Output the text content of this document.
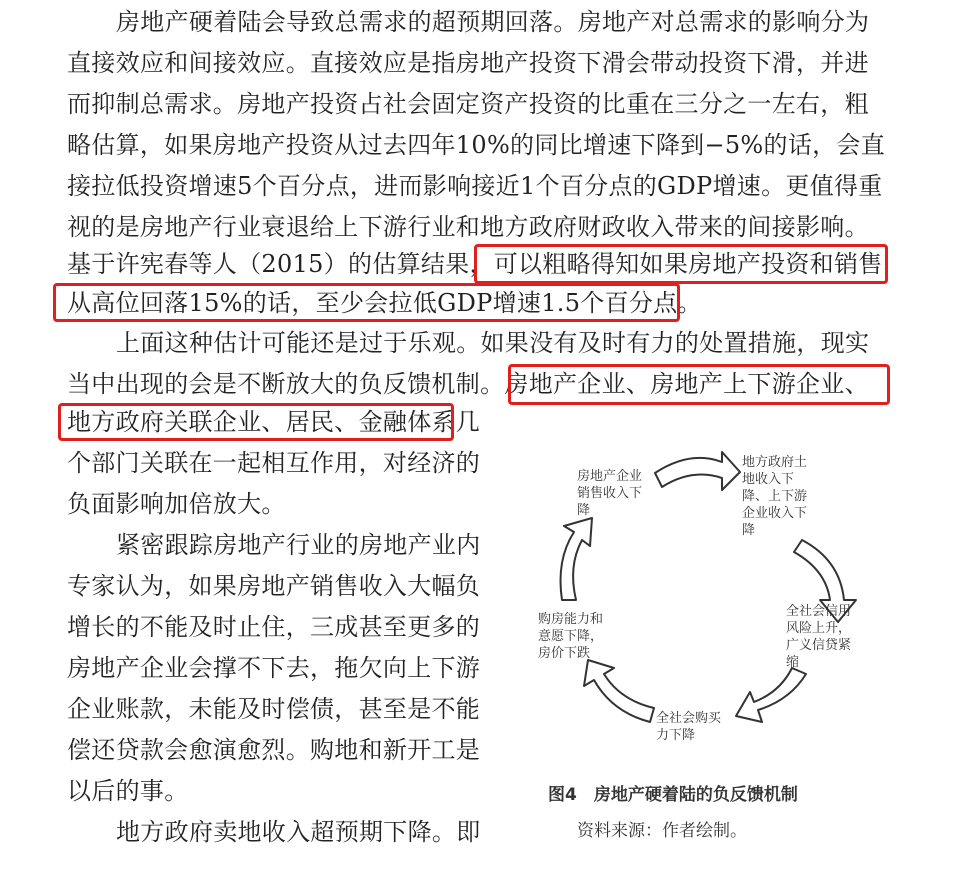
房地产硬着陆会导致总需求的超预期回落。房地产对总需求的影响分为
直接效应和间接效应。直接效应是指房地产投资下滑会带动投资下滑，并进
而抑制总需求。房地产投资占社会固定资产投资的比重在三分之一左右，粗
略估算，如果房地产投资从过去四年10%的同比增速下降到−5%的话，会直
接拉低投资增速5个百分点，进而影响接近1个百分点的GDP增速。更值得重
视的是房地产行业衰退给上下游行业和地方政府财政收入带来的间接影响。
基于许宪春等人（2015）的估算结果，可以粗略得知如果房地产投资和销售
从高位回落15%的话，至少会拉低GDP增速1.5个百分点。
上面这种估计可能还是过于乐观。如果没有及时有力的处置措施，现实
当中出现的会是不断放大的负反馈机制。房地产企业、房地产上下游企业、
地方政府关联企业、居民、金融体系几
个部门关联在一起相互作用，对经济的
负面影响加倍放大。
紧密跟踪房地产行业的房地产业内
专家认为，如果房地产销售收入大幅负
增长的不能及时止住，三成甚至更多的
房地产企业会撑不下去，拖欠向上下游
企业账款，未能及时偿债，甚至是不能
偿还贷款会愈演愈烈。购地和新开工是
以后的事。
地方政府卖地收入超预期下降。即
房地产企业
销售收入下
降
地方政府土
地收入下
降、上下游
企业收入下
降
全社会信用
风险上升，
广义信贷紧
缩
全社会购买
力下降
购房能力和
意愿下降，
房价下跌
图4　房地产硬着陆的负反馈机制
资料来源：作者绘制。
